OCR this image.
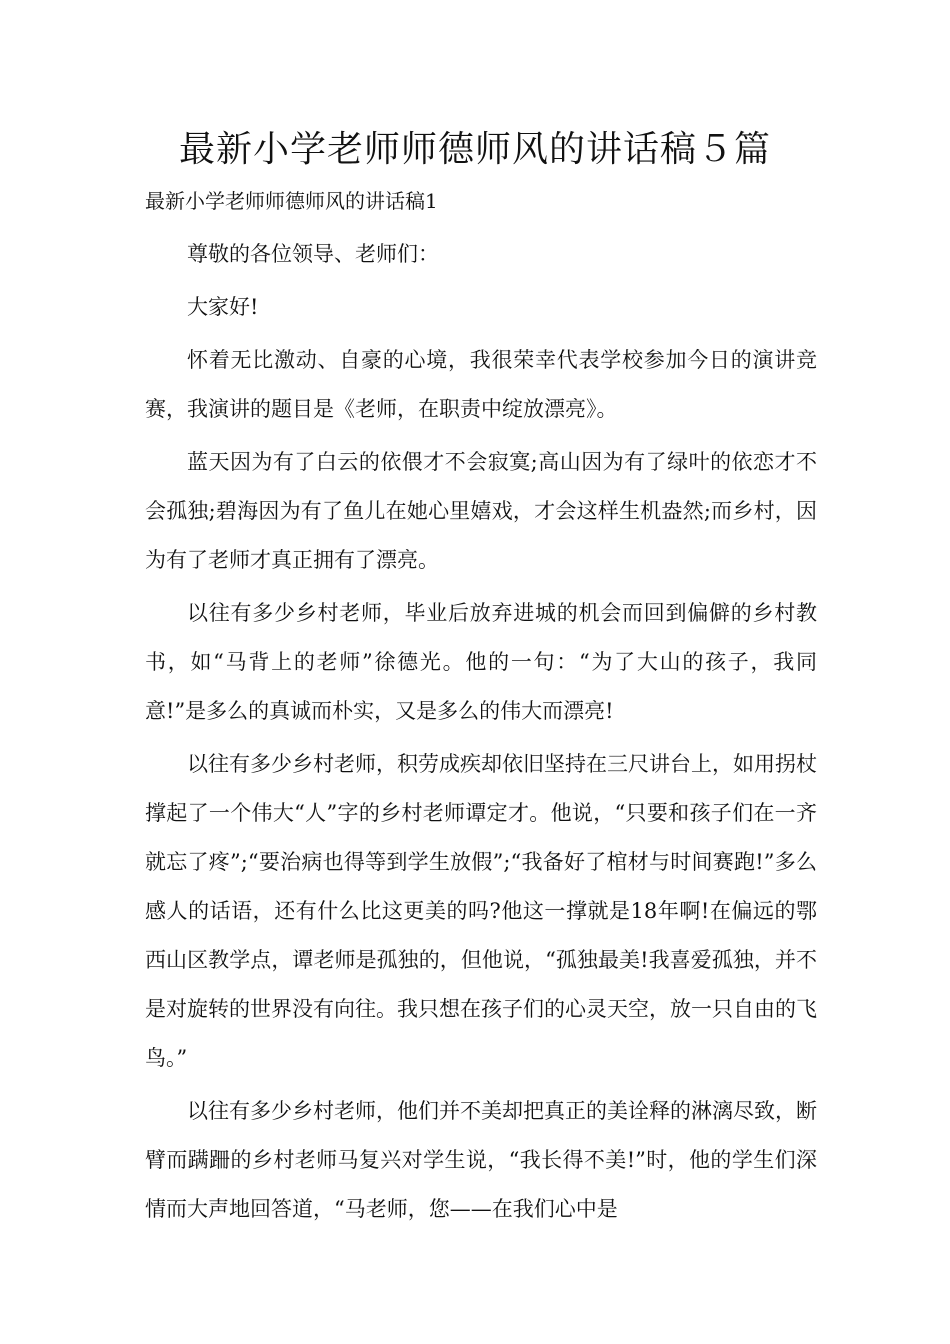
最新小学老师师德师风的讲话稿５篇

最新小学老师师德师风的讲话稿1

尊敬的各位领导、老师们：

大家好!

怀着无比激动、自豪的心境，我很荣幸代表学校参加今日的演讲竞赛，我演讲的题目是《老师，在职责中绽放漂亮》。

蓝天因为有了白云的依偎才不会寂寞;高山因为有了绿叶的依恋才不会孤独;碧海因为有了鱼儿在她心里嬉戏，才会这样生机盎然;而乡村，因为有了老师才真正拥有了漂亮。

以往有多少乡村老师，毕业后放弃进城的机会而回到偏僻的乡村教书，如“马背上的老师”徐德光。他的一句：“为了大山的孩子，我同意!”是多么的真诚而朴实，又是多么的伟大而漂亮!

以往有多少乡村老师，积劳成疾却依旧坚持在三尺讲台上，如用拐杖撑起了一个伟大“人”字的乡村老师谭定才。他说，“只要和孩子们在一齐就忘了疼”;“要治病也得等到学生放假”;“我备好了棺材与时间赛跑!”多么感人的话语，还有什么比这更美的吗?他这一撑就是18年啊!在偏远的鄂西山区教学点，谭老师是孤独的，但他说，“孤独最美!我喜爱孤独，并不是对旋转的世界没有向往。我只想在孩子们的心灵天空，放一只自由的飞鸟。”

以往有多少乡村老师，他们并不美却把真正的美诠释的淋漓尽致，断臂而蹒跚的乡村老师马复兴对学生说，“我长得不美!”时，他的学生们深情而大声地回答道，“马老师，您——在我们心中是
